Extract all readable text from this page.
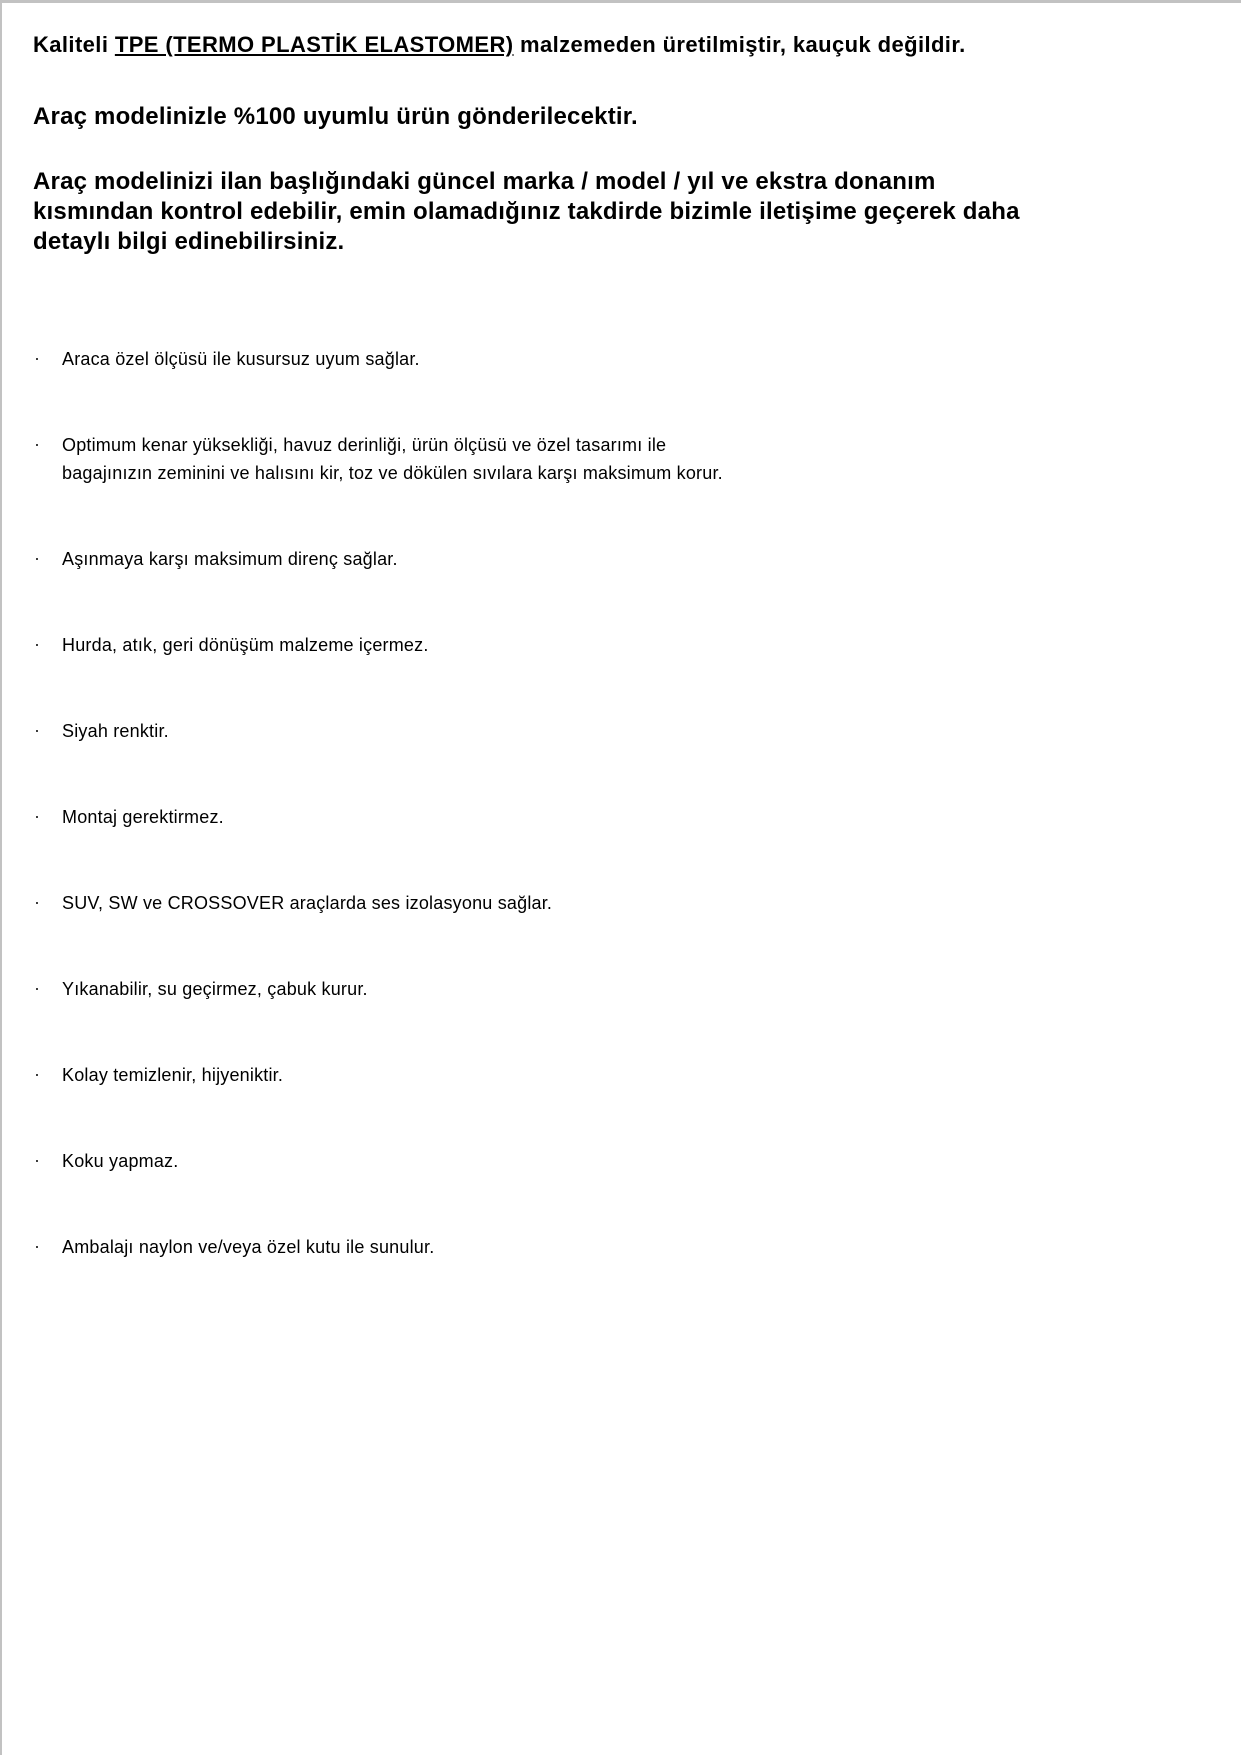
Kaliteli TPE (TERMO PLASTİK ELASTOMER) malzemeden üretilmiştir, kauçuk değildir.

Araç modelinizle %100 uyumlu ürün gönderilecektir.

Araç modelinizi ilan başlığındaki güncel marka / model / yıl ve ekstra donanım
kısmından kontrol edebilir, emin olamadığınız takdirde bizimle iletişime geçerek daha
detaylı bilgi edinebilirsiniz.
· Araca özel ölçüsü ile kusursuz uyum sağlar.
· Optimum kenar yüksekliği, havuz derinliği, ürün ölçüsü ve özel tasarımı ile
bagajınızın zeminini ve halısını kir, toz ve dökülen sıvılara karşı maksimum korur.
· Aşınmaya karşı maksimum direnç sağlar.
· Hurda, atık, geri dönüşüm malzeme içermez.
· Siyah renktir.
· Montaj gerektirmez.
· SUV, SW ve CROSSOVER araçlarda ses izolasyonu sağlar.
· Yıkanabilir, su geçirmez, çabuk kurur.
· Kolay temizlenir, hijyeniktir.
· Koku yapmaz.
· Ambalajı naylon ve/veya özel kutu ile sunulur.
